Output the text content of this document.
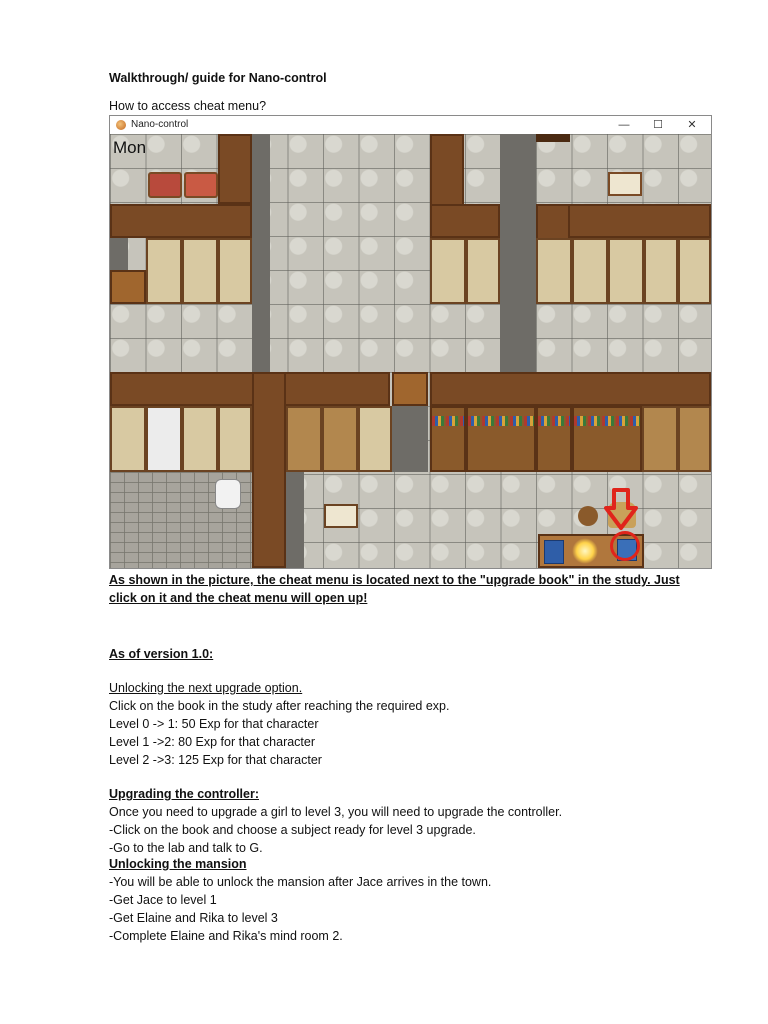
Walkthrough/ guide for Nano-control
How to access cheat menu?
Nano-control	—	☐	✕
Mon
As shown in the picture, the cheat menu is located next to the "upgrade book" in the study. Just click on it and the cheat menu will open up!
As of version 1.0:
Unlocking the next upgrade option.
Click on the book in the study after reaching the required exp.
Level 0 -> 1: 50 Exp for that character
Level 1 ->2: 80 Exp for that character
Level 2 ->3: 125 Exp for that character
Upgrading the controller:
Once you need to upgrade a girl to level 3, you will need to upgrade the controller.
-Click on the book and choose a subject ready for level 3 upgrade.
-Go to the lab and talk to G.
Unlocking the mansion
-You will be able to unlock the mansion after Jace arrives in the town.
-Get Jace to level 1
-Get Elaine and Rika to level 3
-Complete Elaine and Rika's mind room 2.
